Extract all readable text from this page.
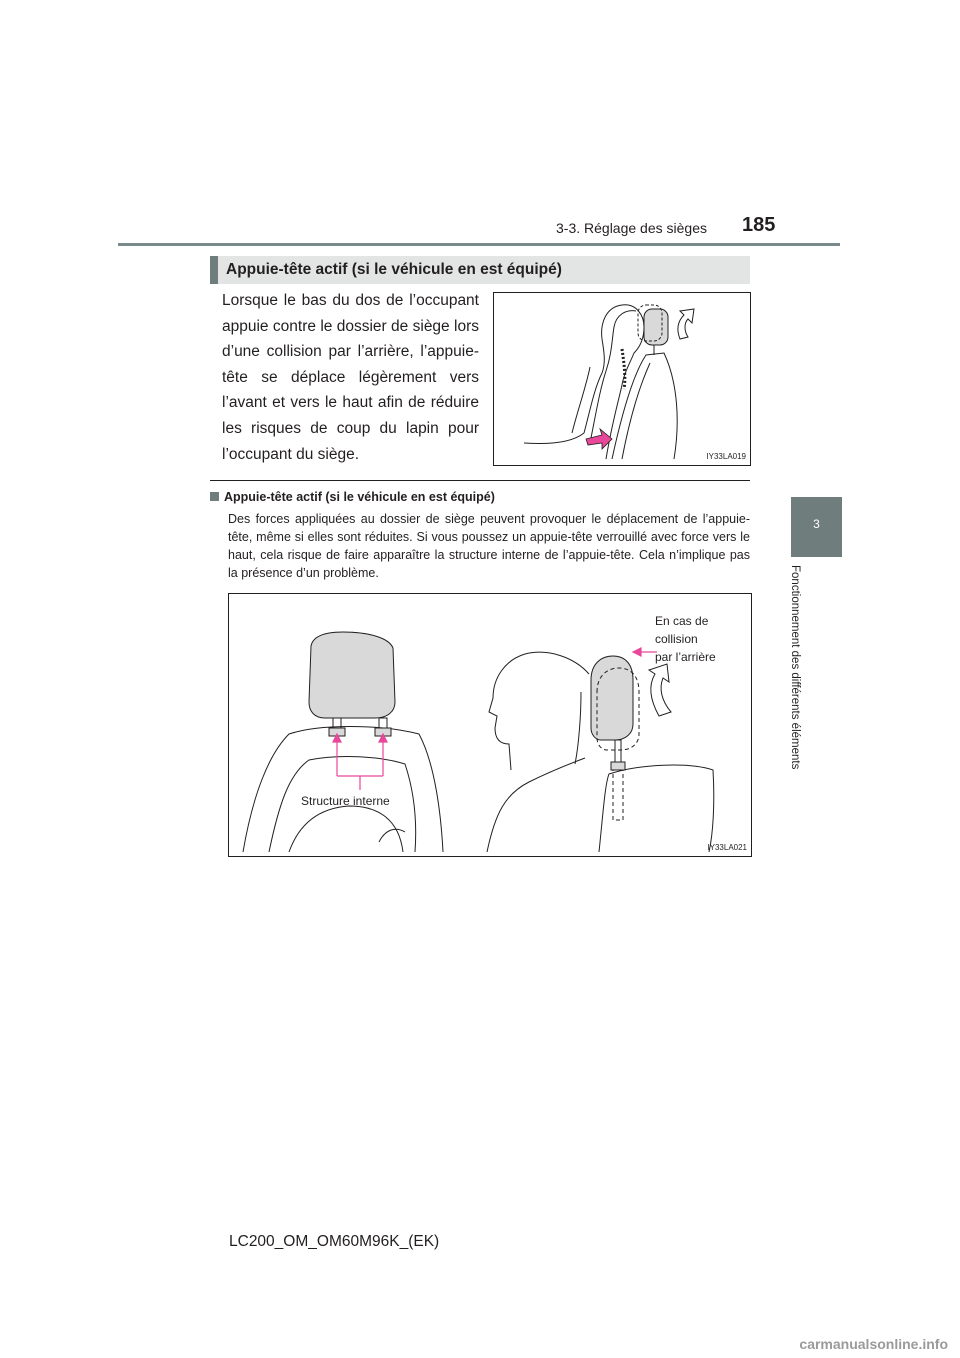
3-3. Réglage des sièges 185
3
Fonctionnement des différents éléments
Appuie-tête actif (si le véhicule en est équipé)
Lorsque le bas du dos de l’occupant appuie contre le dossier de siège lors d’une collision par l’arrière, l’appuie-tête se déplace légèrement vers l’avant et vers le haut afin de réduire les risques de coup du lapin pour l’occupant du siège.	IY33LA019
Appuie-tête actif (si le véhicule en est équipé)
Des forces appliquées au dossier de siège peuvent provoquer le déplacement de l’appuie-tête, même si elles sont réduites. Si vous poussez un appuie-tête verrouillé avec force vers le haut, cela risque de faire apparaître la structure interne de l’appuie-tête. Cela n’implique pas la présence d’un problème.
Structure interne
En cas de
collision
par l’arrière
IY33LA021
LC200_OM_OM60M96K_(EK)
carmanualsonline.info
